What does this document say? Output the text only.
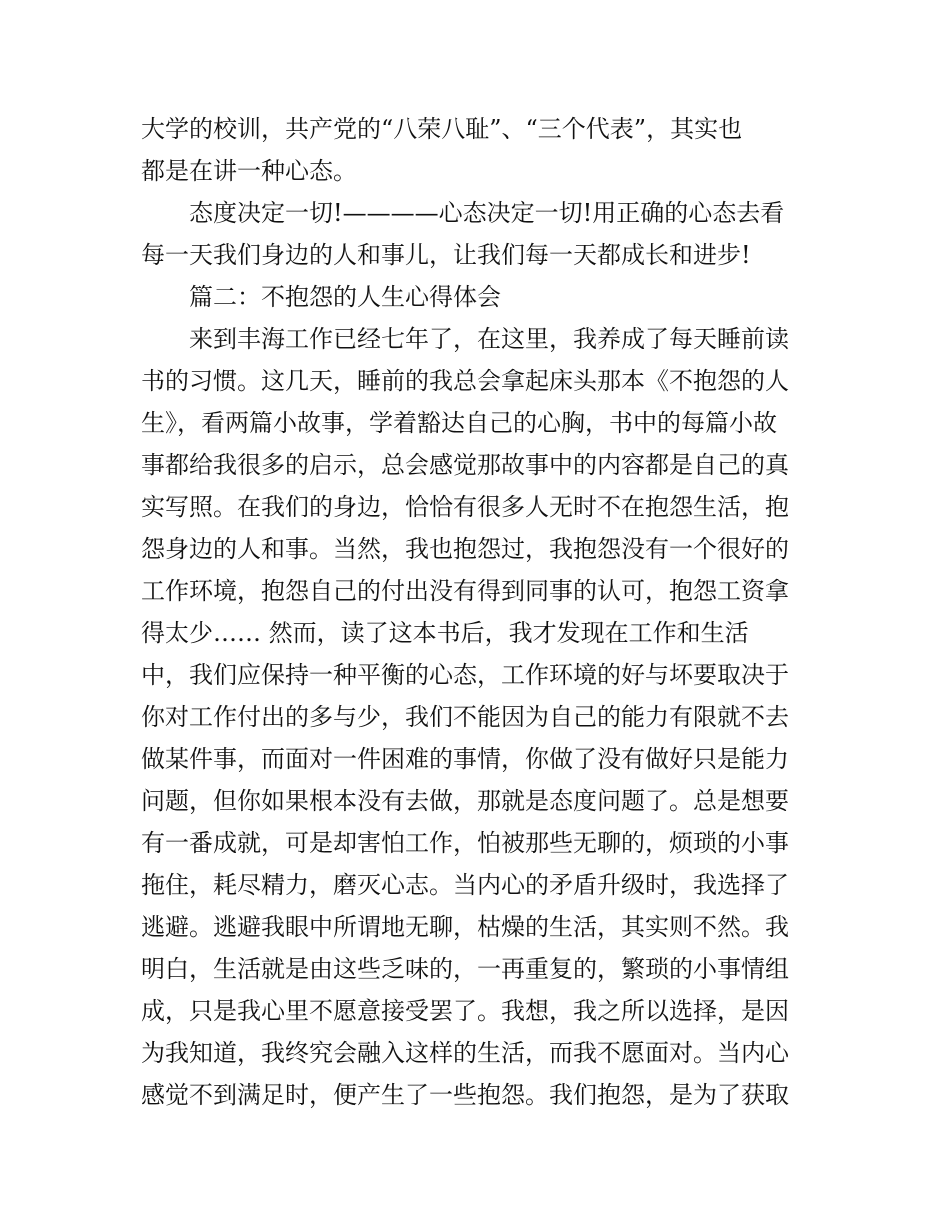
大学的校训，共产党的“八荣八耻”、“三个代表”，其实也
都是在讲一种心态。
态度决定一切!————心态决定一切!用正确的心态去看
每一天我们身边的人和事儿，让我们每一天都成长和进步!
篇二：不抱怨的人生心得体会
来到丰海工作已经七年了，在这里，我养成了每天睡前读
书的习惯。这几天，睡前的我总会拿起床头那本《不抱怨的人
生》，看两篇小故事，学着豁达自己的心胸，书中的每篇小故
事都给我很多的启示，总会感觉那故事中的内容都是自己的真
实写照。在我们的身边，恰恰有很多人无时不在抱怨生活，抱
怨身边的人和事。当然，我也抱怨过，我抱怨没有一个很好的
工作环境，抱怨自己的付出没有得到同事的认可，抱怨工资拿
得太少…… 然而，读了这本书后，我才发现在工作和生活
中，我们应保持一种平衡的心态，工作环境的好与坏要取决于
你对工作付出的多与少，我们不能因为自己的能力有限就不去
做某件事，而面对一件困难的事情，你做了没有做好只是能力
问题，但你如果根本没有去做，那就是态度问题了。总是想要
有一番成就，可是却害怕工作，怕被那些无聊的，烦琐的小事
拖住，耗尽精力，磨灭心志。当内心的矛盾升级时，我选择了
逃避。逃避我眼中所谓地无聊，枯燥的生活，其实则不然。我
明白，生活就是由这些乏味的，一再重复的，繁琐的小事情组
成，只是我心里不愿意接受罢了。我想，我之所以选择，是因
为我知道，我终究会融入这样的生活，而我不愿面对。当内心
感觉不到满足时，便产生了一些抱怨。我们抱怨，是为了获取
